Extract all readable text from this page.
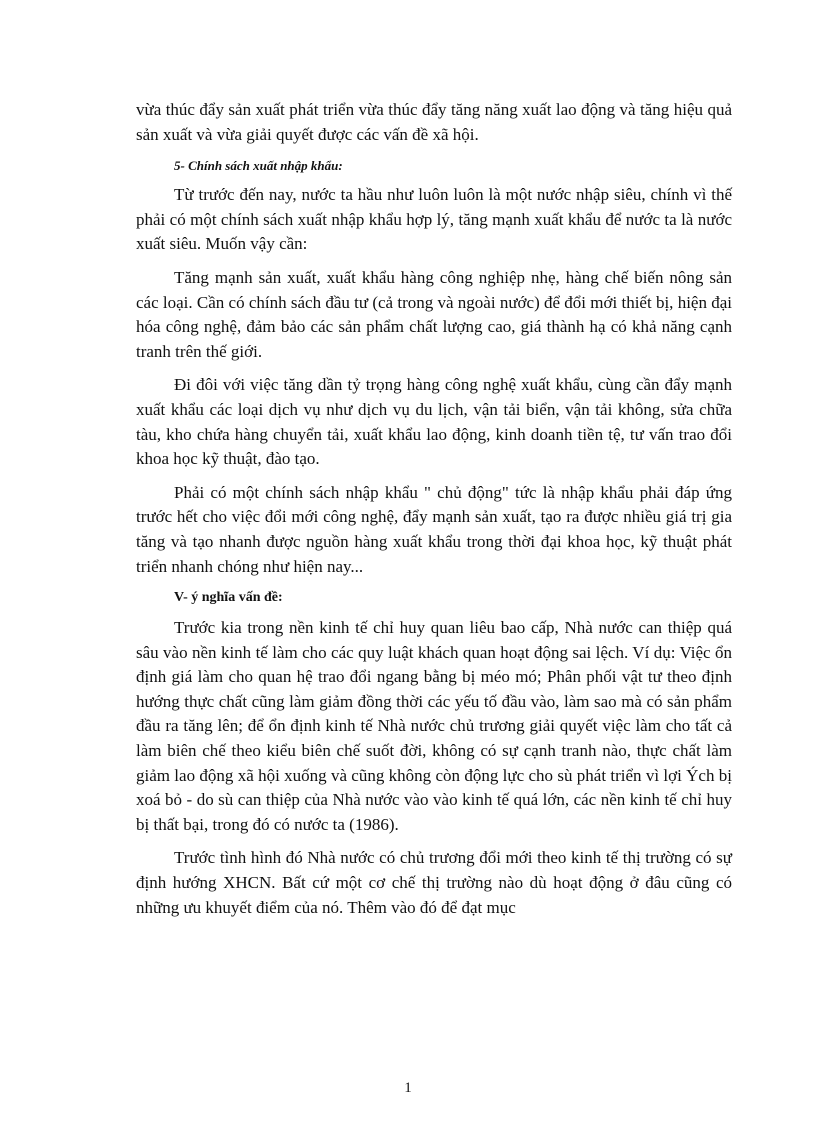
vừa thúc đẩy sản xuất phát triển vừa thúc đẩy tăng năng xuất lao động và tăng hiệu quả sản xuất và vừa giải quyết được các vấn đề xã hội.

5- Chính sách xuất nhập khẩu:

Từ trước đến nay, nước ta hầu như luôn luôn là một nước nhập siêu, chính vì thế phải có một chính sách xuất nhập khẩu hợp lý, tăng mạnh xuất khẩu để nước ta là nước xuất siêu. Muốn vậy cần:

Tăng mạnh sản xuất, xuất khẩu hàng công nghiệp nhẹ, hàng chế biến nông sản các loại. Cần có chính sách đầu tư (cả trong và ngoài nước) để đổi mới thiết bị, hiện đại hóa công nghệ, đảm bảo các sản phẩm chất lượng cao, giá thành hạ có khả năng cạnh tranh trên thế giới.

Đi đôi với việc tăng dần tỷ trọng hàng công nghệ xuất khẩu, cùng cần đẩy mạnh xuất khẩu các loại dịch vụ như dịch vụ du lịch, vận tải biển, vận tải không, sửa chữa tàu, kho chứa hàng chuyển tải, xuất khẩu lao động, kinh doanh tiền tệ, tư vấn trao đổi khoa học kỹ thuật, đào tạo.

Phải có một chính sách nhập khẩu " chủ động" tức là nhập khẩu phải đáp ứng trước hết cho việc đổi mới công nghệ, đẩy mạnh sản xuất, tạo ra được nhiều giá trị gia tăng và tạo nhanh được nguồn hàng xuất khẩu trong thời đại khoa học, kỹ thuật phát triển nhanh chóng như hiện nay...

V- ý nghĩa vấn đề:

Trước kia trong nền kinh tế chỉ huy quan liêu bao cấp, Nhà nước can thiệp quá sâu vào nền kinh tế làm cho các quy luật khách quan hoạt động sai lệch. Ví dụ: Việc ổn định giá làm cho quan hệ trao đổi ngang bằng bị méo mó; Phân phối vật tư theo định hướng thực chất cũng làm giảm đồng thời các yếu tố đầu vào, làm sao mà có sản phẩm đầu ra tăng lên; để ổn định kinh tế Nhà nước chủ trương giải quyết việc làm cho tất cả làm biên chế theo kiểu biên chế suốt đời, không có sự cạnh tranh nào, thực chất làm giảm lao động xã hội xuống và cũng không còn động lực cho sù phát triển vì lợi Ých bị xoá bỏ - do sù can thiệp của Nhà nước vào vào kinh tế quá lớn, các nền kinh tế chỉ huy bị thất bại, trong đó có nước ta (1986).

Trước tình hình đó Nhà nước có chủ trương đổi mới theo kinh tế thị trường có sự định hướng XHCN. Bất cứ một cơ chế thị trường nào dù hoạt động ở đâu cũng có những ưu khuyết điểm của nó. Thêm vào đó để đạt mục

1
